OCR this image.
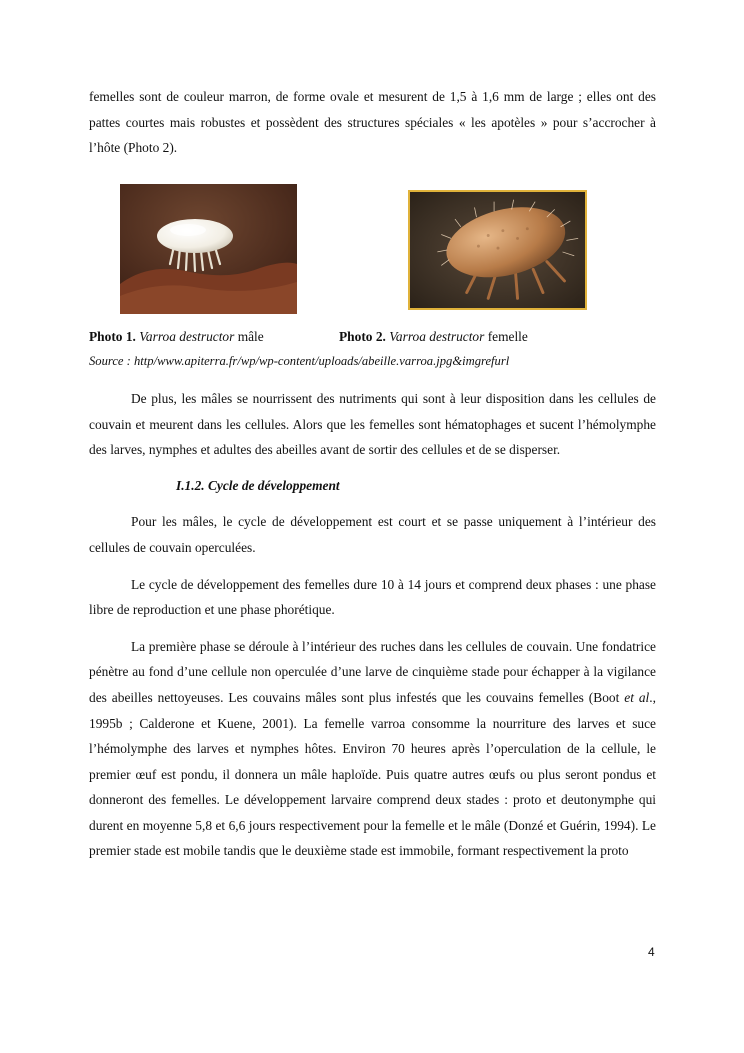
femelles sont de couleur marron, de forme ovale et mesurent de 1,5 à 1,6 mm de large ; elles ont des pattes courtes mais robustes et possèdent des structures spéciales « les apotèles » pour s’accrocher à l’hôte (Photo 2).

Photo 1. Varroa destructor mâle	Photo 2. Varroa destructor femelle
Source : http/www.apiterra.fr/wp/wp-content/uploads/abeille.varroa.jpg&imgrefurl

De plus, les mâles se nourrissent des nutriments qui sont à leur disposition dans les cellules de couvain et meurent dans les cellules. Alors que les femelles sont hématophages et sucent l’hémolymphe des larves, nymphes et adultes des abeilles avant de sortir des cellules et de se disperser.

I.1.2. Cycle de développement

Pour les mâles, le cycle de développement est court et se passe uniquement à l’intérieur des cellules de couvain operculées.

Le cycle de développement des femelles dure 10 à 14 jours et comprend deux phases : une phase libre de reproduction et une phase phorétique.

La première phase se déroule à l’intérieur des ruches dans les cellules de couvain. Une fondatrice pénètre au fond d’une cellule non operculée d’une larve de cinquième stade pour échapper à la vigilance des abeilles nettoyeuses. Les couvains mâles sont plus infestés que les couvains femelles (Boot et al., 1995b ; Calderone et Kuene, 2001). La femelle varroa consomme la nourriture des larves et suce l’hémolymphe des larves et nymphes hôtes. Environ 70 heures après l’operculation de la cellule, le premier œuf est pondu, il donnera un mâle haploïde. Puis quatre autres œufs ou plus seront pondus et donneront des femelles. Le développement larvaire comprend deux stades : proto et deutonymphe qui durent en moyenne 5,8 et 6,6 jours respectivement pour la femelle et le mâle (Donzé et Guérin, 1994). Le premier stade est mobile tandis que le deuxième stade est immobile, formant respectivement la proto

4
